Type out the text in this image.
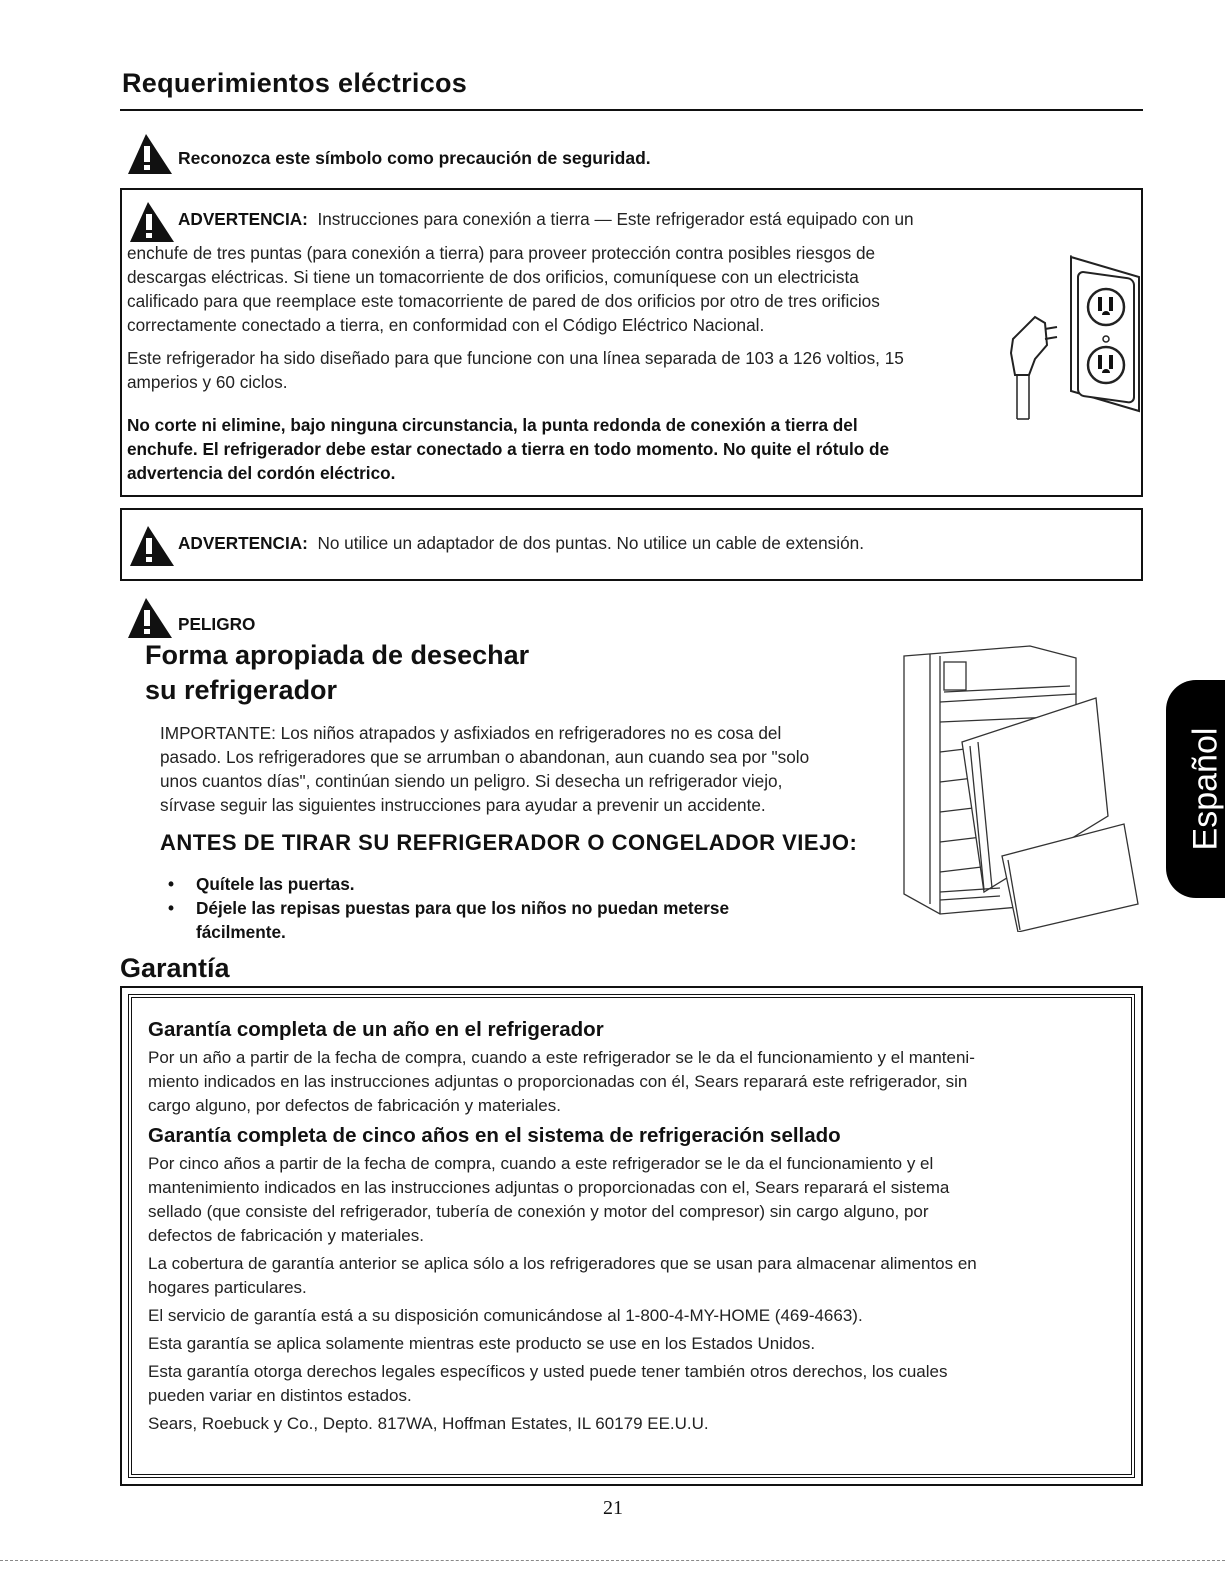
Requerimientos eléctricos
Reconozca este símbolo como precaución de seguridad.
ADVERTENCIA: Instrucciones para conexión a tierra — Este refrigerador está equipado con un
enchufe de tres puntas (para conexión a tierra) para proveer protección contra posibles riesgos de
descargas eléctricas. Si tiene un tomacorriente de dos orificios, comuníquese con un electricista
calificado para que reemplace este tomacorriente de pared de dos orificios por otro de tres orificios
correctamente conectado a tierra, en conformidad con el Código Eléctrico Nacional.
Este refrigerador ha sido diseñado para que funcione con una línea separada de 103 a 126 voltios, 15
amperios y 60 ciclos.
No corte ni elimine, bajo ninguna circunstancia, la punta redonda de conexión a tierra del
enchufe. El refrigerador debe estar conectado a tierra en todo momento. No quite el rótulo de
advertencia del cordón eléctrico.
ADVERTENCIA: No utilice un adaptador de dos puntas. No utilice un cable de extensión.
PELIGRO
Forma apropiada de desechar
su refrigerador
IMPORTANTE: Los niños atrapados y asfixiados en refrigeradores no es cosa del
pasado. Los refrigeradores que se arrumban o abandonan, aun cuando sea por "solo
unos cuantos días", continúan siendo un peligro. Si desecha un refrigerador viejo,
sírvase seguir las siguientes instrucciones para ayudar a prevenir un accidente.
ANTES DE TIRAR SU REFRIGERADOR O CONGELADOR VIEJO:
• Quítele las puertas.
• Déjele las repisas puestas para que los niños no puedan meterse
fácilmente.
Garantía
Garantía completa de un año en el refrigerador
Por un año a partir de la fecha de compra, cuando a este refrigerador se le da el funcionamiento y el manteni-
miento indicados en las instrucciones adjuntas o proporcionadas con él, Sears reparará este refrigerador, sin
cargo alguno, por defectos de fabricación y materiales.
Garantía completa de cinco años en el sistema de refrigeración sellado
Por cinco años a partir de la fecha de compra, cuando a este refrigerador se le da el funcionamiento y el
mantenimiento indicados en las instrucciones adjuntas o proporcionadas con el, Sears reparará el sistema
sellado (que consiste del refrigerador, tubería de conexión y motor del compresor) sin cargo alguno, por
defectos de fabricación y materiales.
La cobertura de garantía anterior se aplica sólo a los refrigeradores que se usan para almacenar alimentos en
hogares particulares.
El servicio de garantía está a su disposición comunicándose al 1-800-4-MY-HOME (469-4663).
Esta garantía se aplica solamente mientras este producto se use en los Estados Unidos.
Esta garantía otorga derechos legales específicos y usted puede tener también otros derechos, los cuales
pueden variar en distintos estados.
Sears, Roebuck y Co., Depto. 817WA, Hoffman Estates, IL 60179 EE.U.U.
Español
21
